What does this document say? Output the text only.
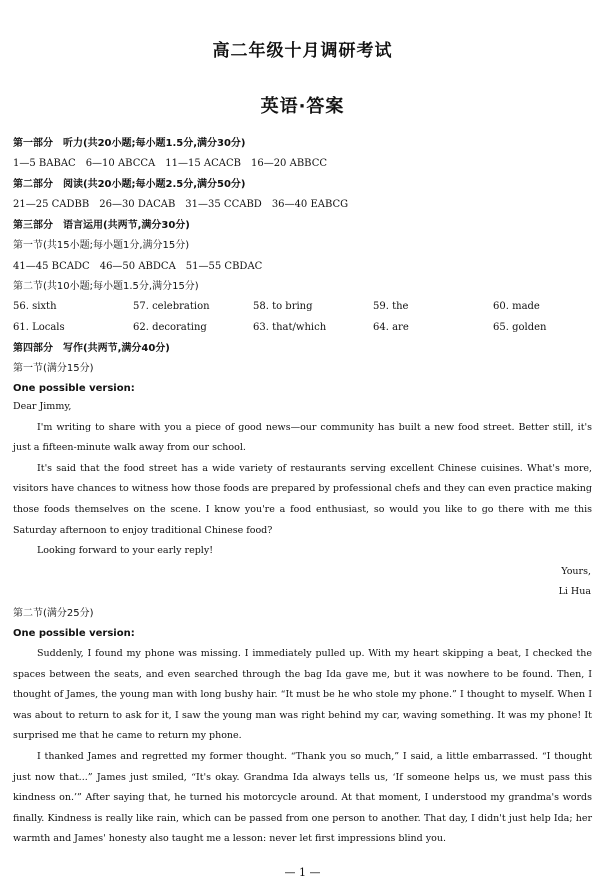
高二年级十月调研考试
英语·答案
第一部分　听力(共20小题;每小题1.5分,满分30分)
1—5 BABAC　6—10 ABCCA　11—15 ACACB　16—20 ABBCC
第二部分　阅读(共20小题;每小题2.5分,满分50分)
21—25 CADBB　26—30 DACAB　31—35 CCABD　36—40 EABCG
第三部分　语言运用(共两节,满分30分)
第一节(共15小题;每小题1分,满分15分)
41—45 BCADC　46—50 ABDCA　51—55 CBDAC
第二节(共10小题;每小题1.5分,满分15分)
56. sixth	57. celebration	58. to bring	59. the	60. made
61. Locals	62. decorating	63. that/which	64. are	65. golden
第四部分　写作(共两节,满分40分)
第一节(满分15分)
One possible version:

Dear Jimmy,

I'm writing to share with you a piece of good news—our community has built a new food street. Better still, it's just a fifteen-minute walk away from our school.

It's said that the food street has a wide variety of restaurants serving excellent Chinese cuisines. What's more, visitors have chances to witness how those foods are prepared by professional chefs and they can even practice making those foods themselves on the scene. I know you're a food enthusiast, so would you like to go there with me this Saturday afternoon to enjoy traditional Chinese food?

Looking forward to your early reply!

Yours,
Li Hua
第二节(满分25分)
One possible version:

Suddenly, I found my phone was missing. I immediately pulled up. With my heart skipping a beat, I checked the spaces between the seats, and even searched through the bag Ida gave me, but it was nowhere to be found. Then, I thought of James, the young man with long bushy hair. “It must be he who stole my phone.” I thought to myself. When I was about to return to ask for it, I saw the young man was right behind my car, waving something. It was my phone! It surprised me that he came to return my phone.

I thanked James and regretted my former thought. “Thank you so much,” I said, a little embarrassed. “I thought just now that...” James just smiled, “It's okay. Grandma Ida always tells us, ‘If someone helps us, we must pass this kindness on.’” After saying that, he turned his motorcycle around. At that moment, I understood my grandma's words finally. Kindness is really like rain, which can be passed from one person to another. That day, I didn't just help Ida; her warmth and James' honesty also taught me a lesson: never let first impressions blind you.

— 1 —
